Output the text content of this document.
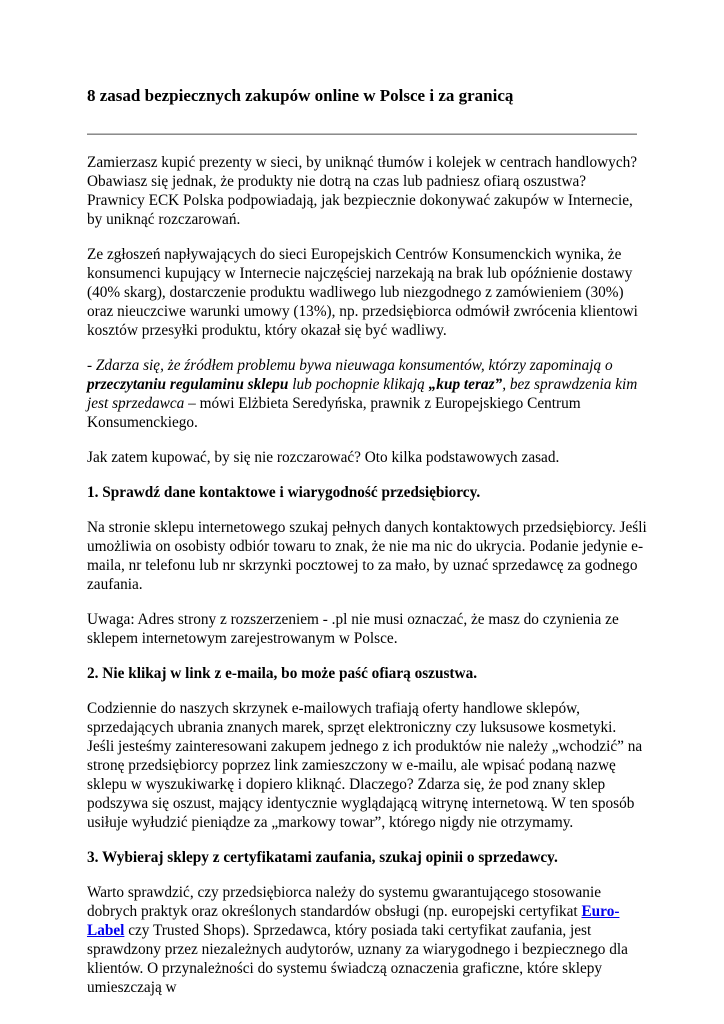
8 zasad bezpiecznych zakupów online w Polsce i za granicą

Zamierzasz kupić prezenty w sieci, by uniknąć tłumów i kolejek w centrach handlowych? Obawiasz się jednak, że produkty nie dotrą na czas lub padniesz ofiarą oszustwa? Prawnicy ECK Polska podpowiadają, jak bezpiecznie dokonywać zakupów w Internecie, by uniknąć rozczarowań.

Ze zgłoszeń napływających do sieci Europejskich Centrów Konsumenckich wynika, że konsumenci kupujący w Internecie najczęściej narzekają na brak lub opóźnienie dostawy (40% skarg), dostarczenie produktu wadliwego lub niezgodnego z zamówieniem (30%) oraz nieuczciwe warunki umowy (13%), np. przedsiębiorca odmówił zwrócenia klientowi kosztów przesyłki produktu, który okazał się być wadliwy.

- Zdarza się, że źródłem problemu bywa nieuwaga konsumentów, którzy zapominają o przeczytaniu regulaminu sklepu lub pochopnie klikają „kup teraz”, bez sprawdzenia kim jest sprzedawca – mówi Elżbieta Seredyńska, prawnik z Europejskiego Centrum Konsumenckiego.

Jak zatem kupować, by się nie rozczarować? Oto kilka podstawowych zasad.

1. Sprawdź dane kontaktowe i wiarygodność przedsiębiorcy.

Na stronie sklepu internetowego szukaj pełnych danych kontaktowych przedsiębiorcy. Jeśli umożliwia on osobisty odbiór towaru to znak, że nie ma nic do ukrycia. Podanie jedynie e-maila, nr telefonu lub nr skrzynki pocztowej to za mało, by uznać sprzedawcę za godnego zaufania.

Uwaga: Adres strony z rozszerzeniem - .pl nie musi oznaczać, że masz do czynienia ze sklepem internetowym zarejestrowanym w Polsce.

2. Nie klikaj w link z e-maila, bo może paść ofiarą oszustwa.

Codziennie do naszych skrzynek e-mailowych trafiają oferty handlowe sklepów, sprzedających ubrania znanych marek, sprzęt elektroniczny czy luksusowe kosmetyki. Jeśli jesteśmy zainteresowani zakupem jednego z ich produktów nie należy „wchodzić” na stronę przedsiębiorcy poprzez link zamieszczony w e-mailu, ale wpisać podaną nazwę sklepu w wyszukiwarkę i dopiero kliknąć. Dlaczego? Zdarza się, że pod znany sklep podszywa się oszust, mający identycznie wyglądającą witrynę internetową. W ten sposób usiłuje wyłudzić pieniądze za „markowy towar”, którego nigdy nie otrzymamy.

3. Wybieraj sklepy z certyfikatami zaufania, szukaj opinii o sprzedawcy.

Warto sprawdzić, czy przedsiębiorca należy do systemu gwarantującego stosowanie dobrych praktyk oraz określonych standardów obsługi (np. europejski certyfikat Euro-Label czy Trusted Shops). Sprzedawca, który posiada taki certyfikat zaufania, jest sprawdzony przez niezależnych audytorów, uznany za wiarygodnego i bezpiecznego dla klientów. O przynależności do systemu świadczą oznaczenia graficzne, które sklepy umieszczają w
